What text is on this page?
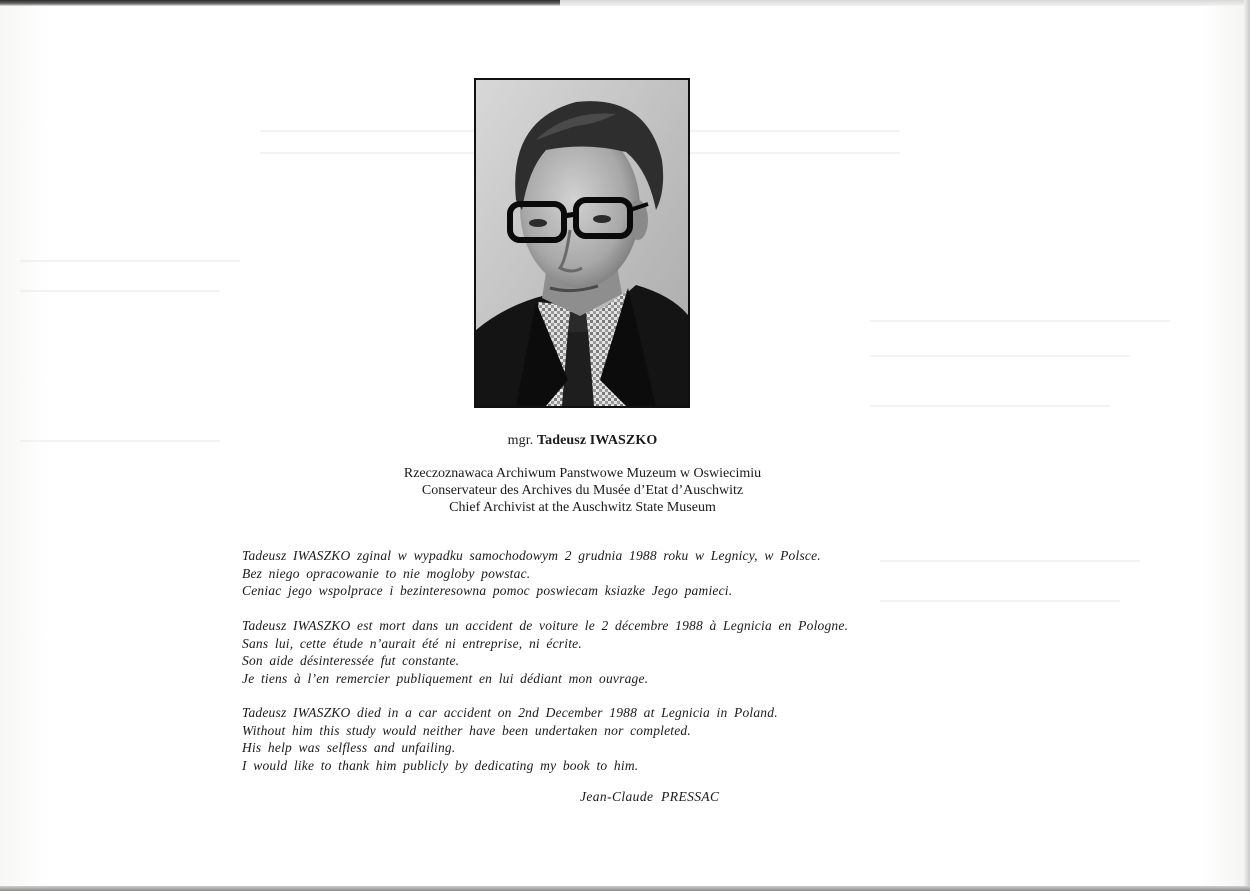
mgr. Tadeusz IWASZKO
Rzeczoznawaca Archiwum Panstwowe Muzeum w Oswiecimiu
Conservateur des Archives du Musée d’Etat d’Auschwitz
Chief Archivist at the Auschwitz State Museum
Tadeusz IWASZKO zginal w wypadku samochodowym 2 grudnia 1988 roku w Legnicy, w Polsce.
Bez niego opracowanie to nie mogloby powstac.
Ceniac jego wspolprace i bezinteresowna pomoc poswiecam ksiazke Jego pamieci.
Tadeusz IWASZKO est mort dans un accident de voiture le 2 décembre 1988 à Legnicia en Pologne.
Sans lui, cette étude n’aurait été ni entreprise, ni écrite.
Son aide désinteressée fut constante.
Je tiens à l’en remercier publiquement en lui dédiant mon ouvrage.
Tadeusz IWASZKO died in a car accident on 2nd December 1988 at Legnicia in Poland.
Without him this study would neither have been undertaken nor completed.
His help was selfless and unfailing.
I would like to thank him publicly by dedicating my book to him.
Jean-Claude PRESSAC
